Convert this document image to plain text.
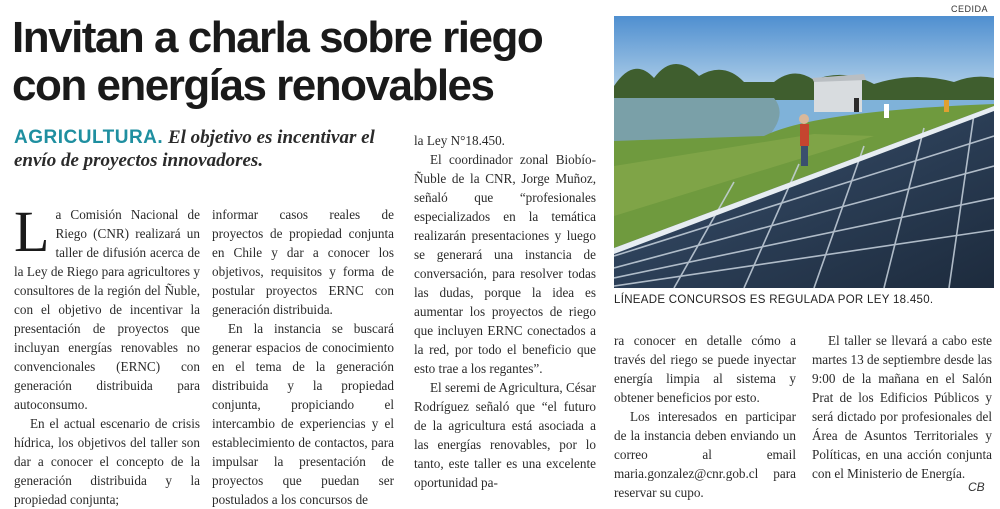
CEDIDA
Invitan a charla sobre riego
con energías renovables
AGRICULTURA. El objetivo es incentivar el envío de proyectos innovadores.
LÍNEADE CONCURSOS ES REGULADA POR LEY 18.450.

La Comisión Nacional de Riego (CNR) realizará un taller de difusión acerca de la Ley de Riego para agricultores y consultores de la región del Ñuble, con el objetivo de incentivar la presentación de proyectos que incluyan energías renovables no convencionales (ERNC) con generación distribuida para autoconsumo.

En el actual escenario de crisis hídrica, los objetivos del taller son dar a conocer el concepto de la generación distribuida y la propiedad conjunta;

informar casos reales de proyectos de propiedad conjunta en Chile y dar a conocer los objetivos, requisitos y forma de postular proyectos ERNC con generación distribuida.

En la instancia se buscará generar espacios de conocimiento en el tema de la generación distribuida y la propiedad conjunta, propiciando el intercambio de experiencias y el establecimiento de contactos, para impulsar la presentación de proyectos que puedan ser postulados a los concursos de

la Ley N°18.450.

El coordinador zonal Biobío-Ñuble de la CNR, Jorge Muñoz, señaló que “profesionales especializados en la temática realizarán presentaciones y luego se generará una instancia de conversación, para resolver todas las dudas, porque la idea es aumentar los proyectos de riego que incluyen ERNC conectados a la red, por todo el beneficio que esto trae a los regantes”.

El seremi de Agricultura, César Rodríguez señaló que “el futuro de la agricultura está asociada a las energías renovables, por lo tanto, este taller es una excelente oportunidad pa-

ra conocer en detalle cómo a través del riego se puede inyectar energía limpia al sistema y obtener beneficios por esto.

Los interesados en participar de la instancia deben enviando un correo al email maria.gonzalez@cnr.gob.cl para reservar su cupo.

El taller se llevará a cabo este martes 13 de septiembre desde las 9:00 de la mañana en el Salón Prat de los Edificios Públicos y será dictado por profesionales del Área de Asuntos Territoriales y Políticas, en una acción conjunta con el Ministerio de Energía.

CB
